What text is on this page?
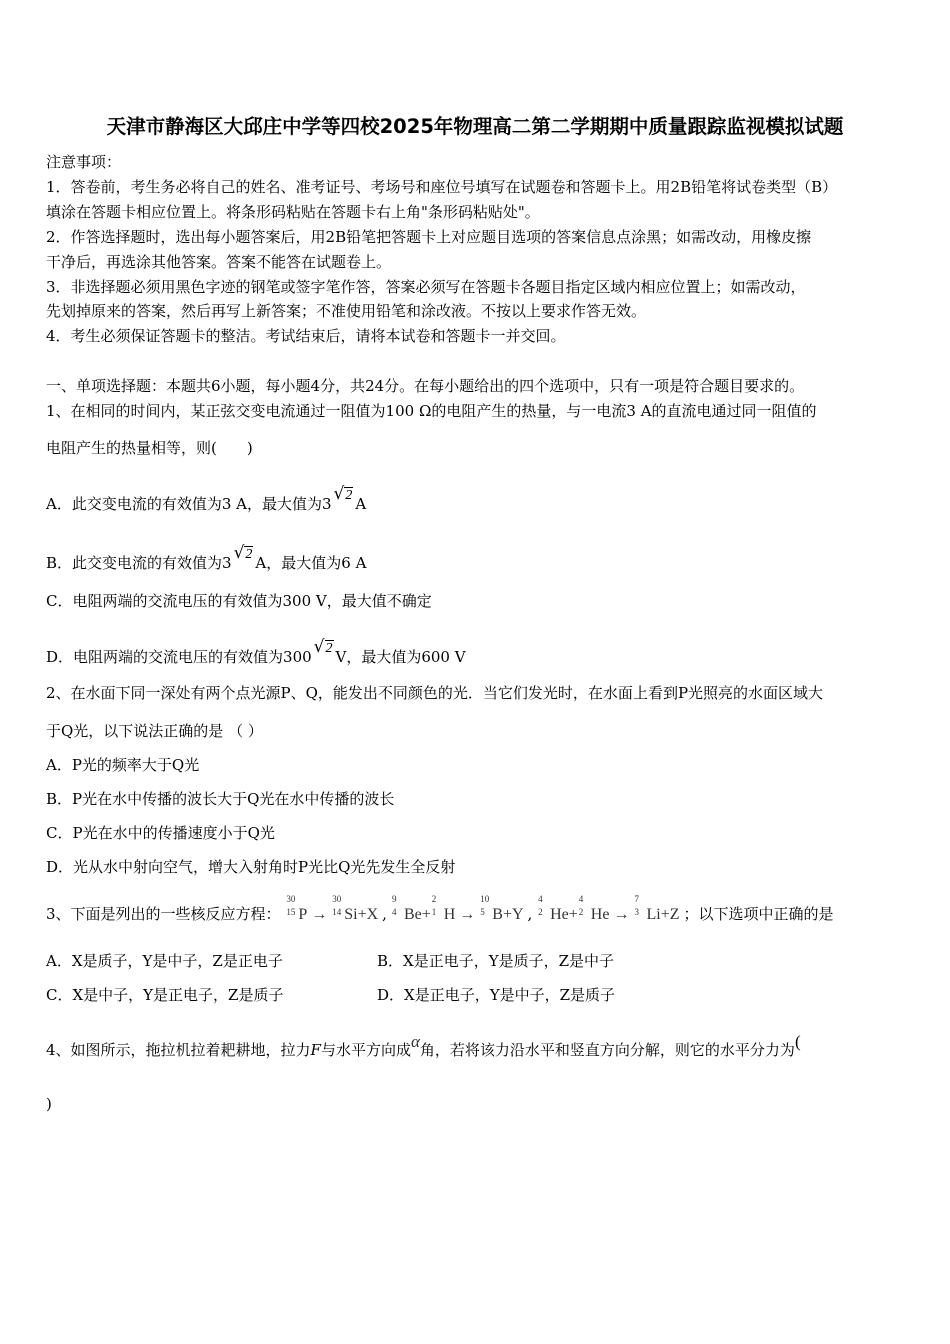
天津市静海区大邱庄中学等四校2025年物理高二第二学期期中质量跟踪监视模拟试题
注意事项：
1．答卷前，考生务必将自己的姓名、准考证号、考场号和座位号填写在试题卷和答题卡上。用2B铅笔将试卷类型（B）
填涂在答题卡相应位置上。将条形码粘贴在答题卡右上角"条形码粘贴处"。
2．作答选择题时，选出每小题答案后，用2B铅笔把答题卡上对应题目选项的答案信息点涂黑；如需改动，用橡皮擦
干净后，再选涂其他答案。答案不能答在试题卷上。
3．非选择题必须用黑色字迹的钢笔或签字笔作答，答案必须写在答题卡各题目指定区域内相应位置上；如需改动，
先划掉原来的答案，然后再写上新答案；不准使用铅笔和涂改液。不按以上要求作答无效。
4．考生必须保证答题卡的整洁。考试结束后，请将本试卷和答题卡一并交回。
一、单项选择题：本题共6小题，每小题4分，共24分。在每小题给出的四个选项中，只有一项是符合题目要求的。
1、在相同的时间内，某正弦交变电流通过一阻值为100 Ω的电阻产生的热量，与一电流3 A的直流电通过同一阻值的
电阻产生的热量相等，则(　　)
A．此交变电流的有效值为3 A，最大值为3 √2 A
B．此交变电流的有效值为3 √2 A，最大值为6 A
C．电阻两端的交流电压的有效值为300 V，最大值不确定
D．电阻两端的交流电压的有效值为300 √2 V，最大值为600 V
2、在水面下同一深处有两个点光源P、Q，能发出不同颜色的光．当它们发光时，在水面上看到P光照亮的水面区域大
于Q光，以下说法正确的是 （ ）
A．P光的频率大于Q光
B．P光在水中传播的波长大于Q光在水中传播的波长
C．P光在水中的传播速度小于Q光
D．光从水中射向空气，增大入射角时P光比Q光先发生全反射
3、下面是列出的一些核反应方程：
30
15 P →
30
14 Si+X ,
9
4 Be+
2
1 H →
10
5 B+Y ,
4
2 He+
4
2 He →
7
3 Li+Z ；以下选项中正确的是
A．X是质子，Y是中子，Z是正电子	B．X是正电子，Y是质子，Z是中子
C．X是中子，Y是正电子，Z是质子	D．X是正电子，Y是中子，Z是质子
4、如图所示，拖拉机拉着耙耕地，拉力F与水平方向成α角，若将该力沿水平和竖直方向分解，则它的水平分力为(
)
